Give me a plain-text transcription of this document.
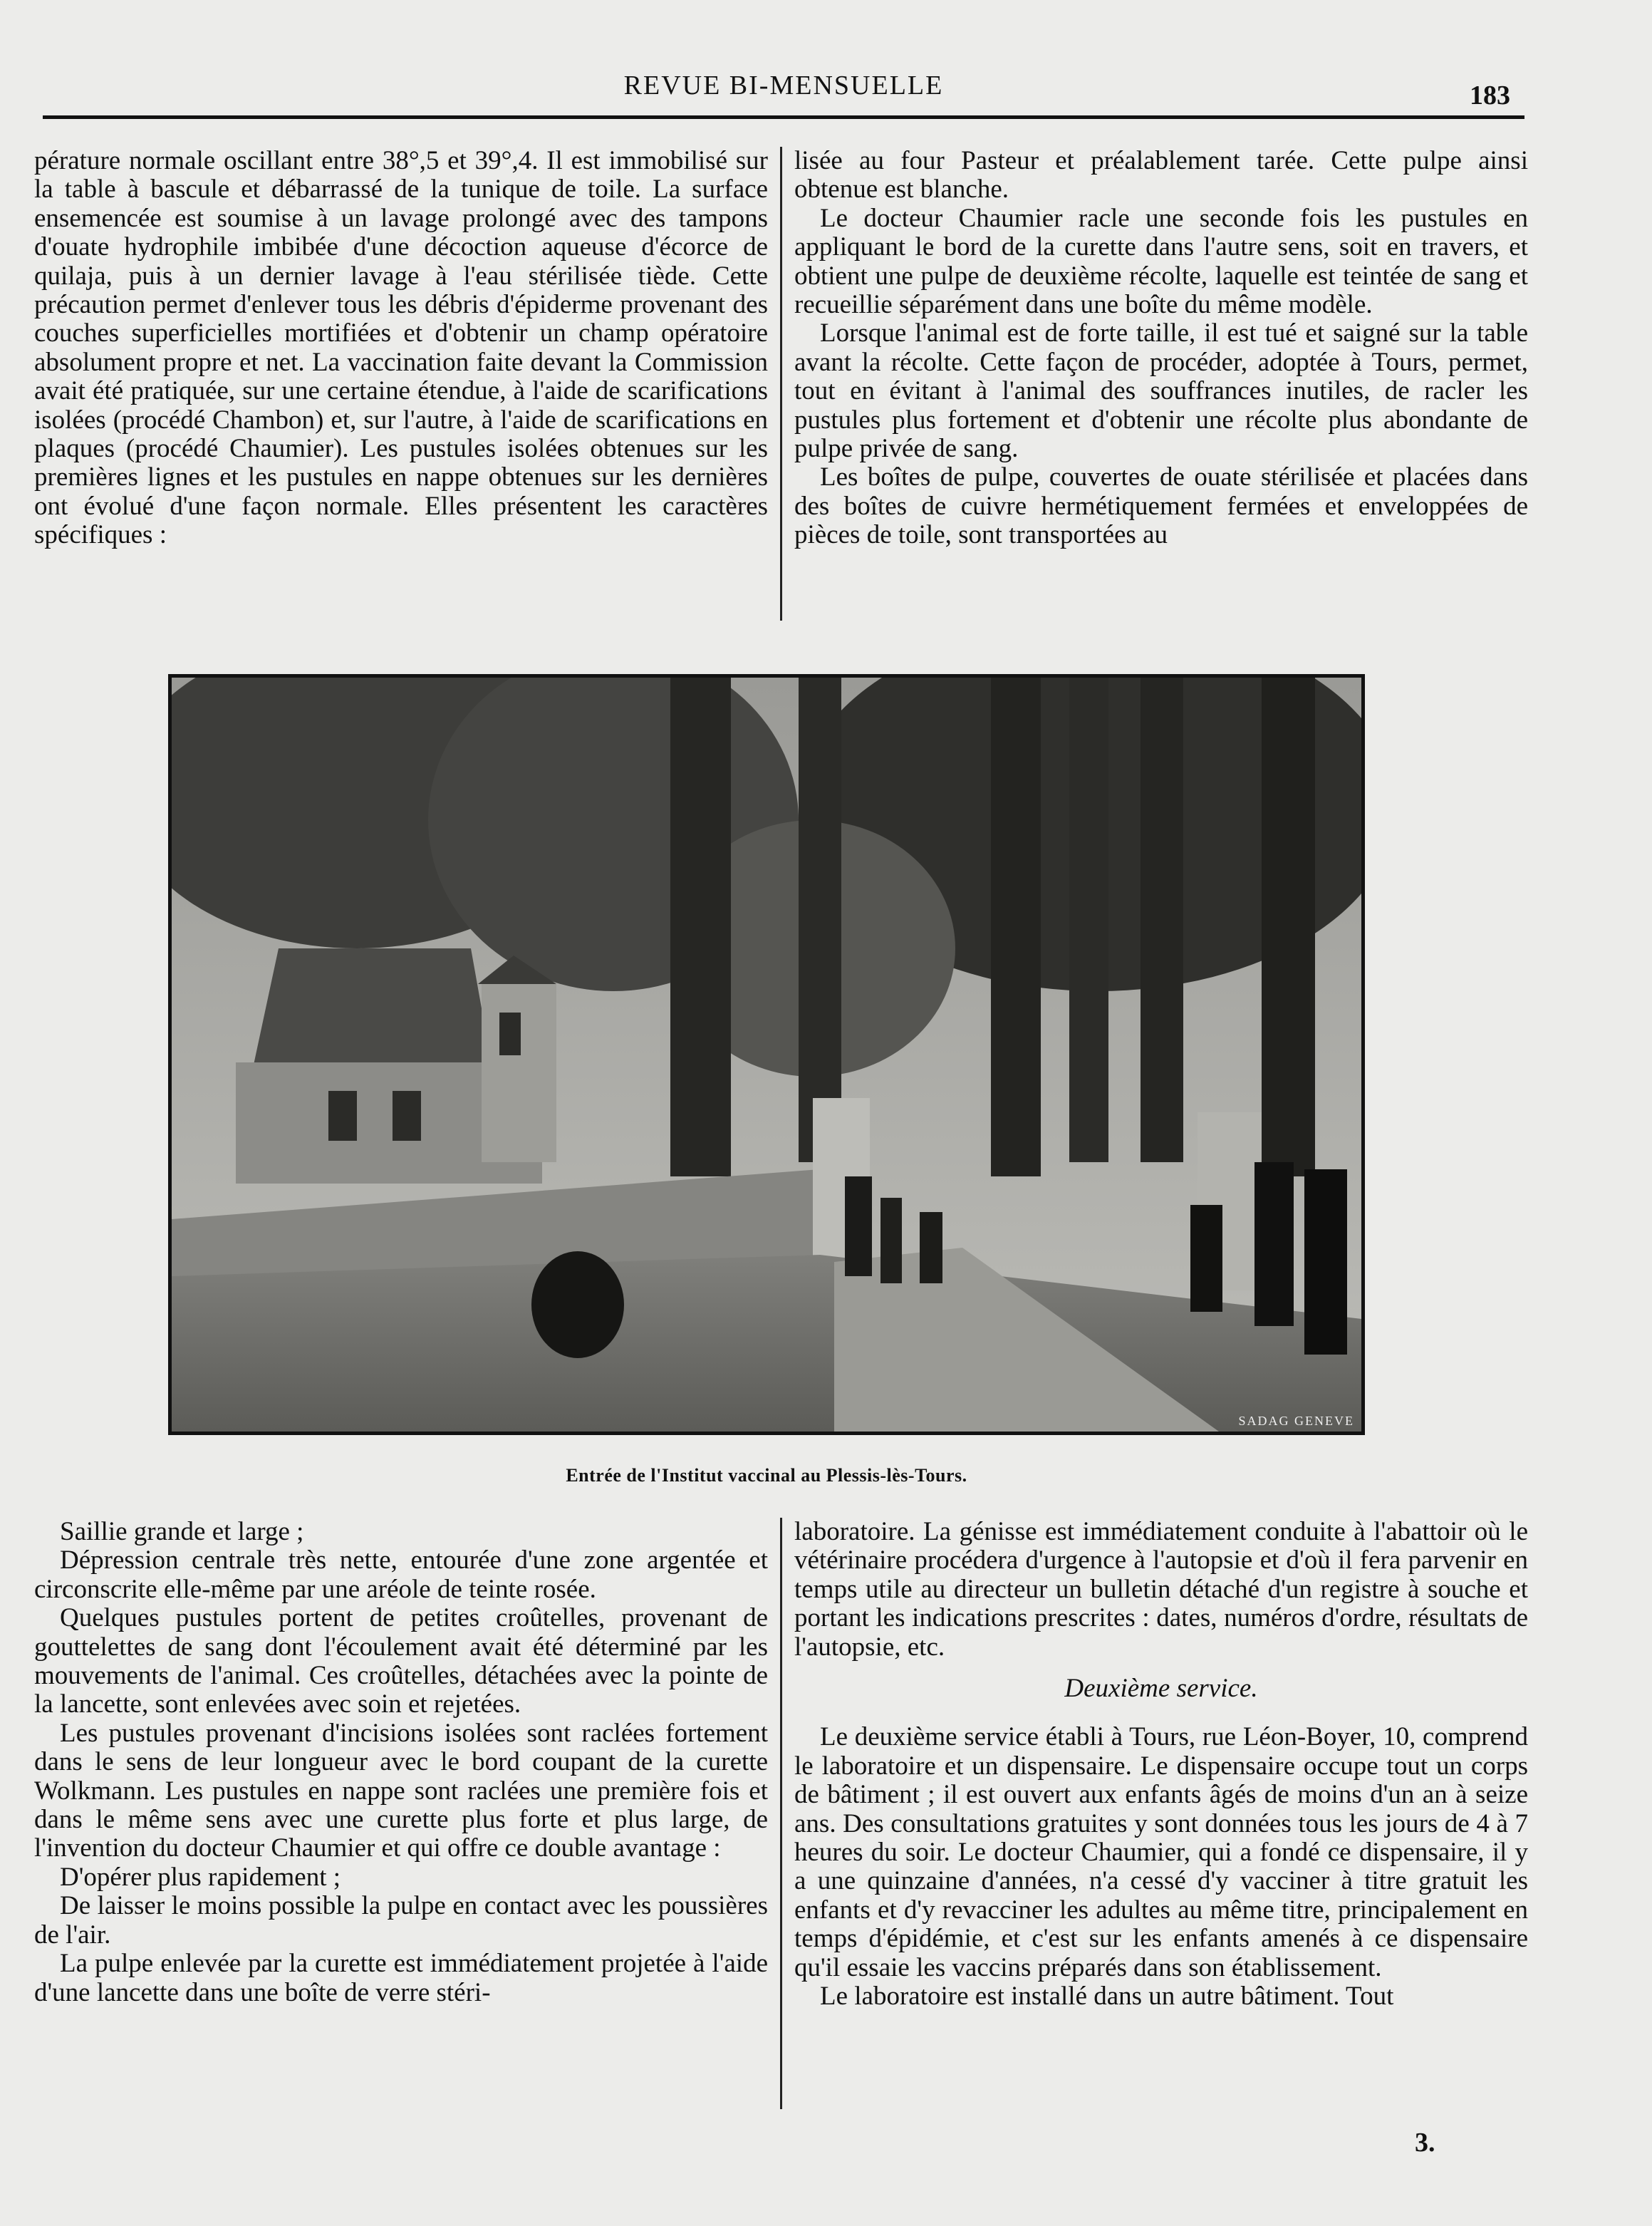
REVUE BI-MENSUELLE	183

pérature normale oscillant entre 38°,5 et 39°,4. Il est immobilisé sur la table à bascule et débarrassé de la tunique de toile. La surface ensemencée est soumise à un lavage prolongé avec des tampons d'ouate hydrophile imbibée d'une décoction aqueuse d'écorce de quilaja, puis à un dernier lavage à l'eau stérilisée tiède. Cette précaution permet d'enlever tous les débris d'épiderme provenant des couches superficielles mortifiées et d'obtenir un champ opératoire absolument propre et net. La vaccination faite devant la Commission avait été pratiquée, sur une certaine étendue, à l'aide de scarifications isolées (procédé Chambon) et, sur l'autre, à l'aide de scarifications en plaques (procédé Chaumier). Les pustules isolées obtenues sur les premières lignes et les pustules en nappe obtenues sur les dernières ont évolué d'une façon normale. Elles présentent les caractères spécifiques :

lisée au four Pasteur et préalablement tarée. Cette pulpe ainsi obtenue est blanche.

Le docteur Chaumier racle une seconde fois les pustules en appliquant le bord de la curette dans l'autre sens, soit en travers, et obtient une pulpe de deuxième récolte, laquelle est teintée de sang et recueillie séparément dans une boîte du même modèle.

Lorsque l'animal est de forte taille, il est tué et saigné sur la table avant la récolte. Cette façon de procéder, adoptée à Tours, permet, tout en évitant à l'animal des souffrances inutiles, de racler les pustules plus fortement et d'obtenir une récolte plus abondante de pulpe privée de sang.

Les boîtes de pulpe, couvertes de ouate stérilisée et placées dans des boîtes de cuivre hermétiquement fermées et enveloppées de pièces de toile, sont transportées au

SADAG GENEVE
Entrée de l'Institut vaccinal au Plessis-lès-Tours.

Saillie grande et large ;

Dépression centrale très nette, entourée d'une zone argentée et circonscrite elle-même par une aréole de teinte rosée.

Quelques pustules portent de petites croûtelles, provenant de gouttelettes de sang dont l'écoulement avait été déterminé par les mouvements de l'animal. Ces croûtelles, détachées avec la pointe de la lancette, sont enlevées avec soin et rejetées.

Les pustules provenant d'incisions isolées sont raclées fortement dans le sens de leur longueur avec le bord coupant de la curette Wolkmann. Les pustules en nappe sont raclées une première fois et dans le même sens avec une curette plus forte et plus large, de l'invention du docteur Chaumier et qui offre ce double avantage :

D'opérer plus rapidement ;

De laisser le moins possible la pulpe en contact avec les poussières de l'air.

La pulpe enlevée par la curette est immédiatement projetée à l'aide d'une lancette dans une boîte de verre stéri-

laboratoire. La génisse est immédiatement conduite à l'abattoir où le vétérinaire procédera d'urgence à l'autopsie et d'où il fera parvenir en temps utile au directeur un bulletin détaché d'un registre à souche et portant les indications prescrites : dates, numéros d'ordre, résultats de l'autopsie, etc.

Deuxième service.

Le deuxième service établi à Tours, rue Léon-Boyer, 10, comprend le laboratoire et un dispensaire. Le dispensaire occupe tout un corps de bâtiment ; il est ouvert aux enfants âgés de moins d'un an à seize ans. Des consultations gratuites y sont données tous les jours de 4 à 7 heures du soir. Le docteur Chaumier, qui a fondé ce dispensaire, il y a une quinzaine d'années, n'a cessé d'y vacciner à titre gratuit les enfants et d'y revacciner les adultes au même titre, principalement en temps d'épidémie, et c'est sur les enfants amenés à ce dispensaire qu'il essaie les vaccins préparés dans son établissement.

Le laboratoire est installé dans un autre bâtiment. Tout

3.
